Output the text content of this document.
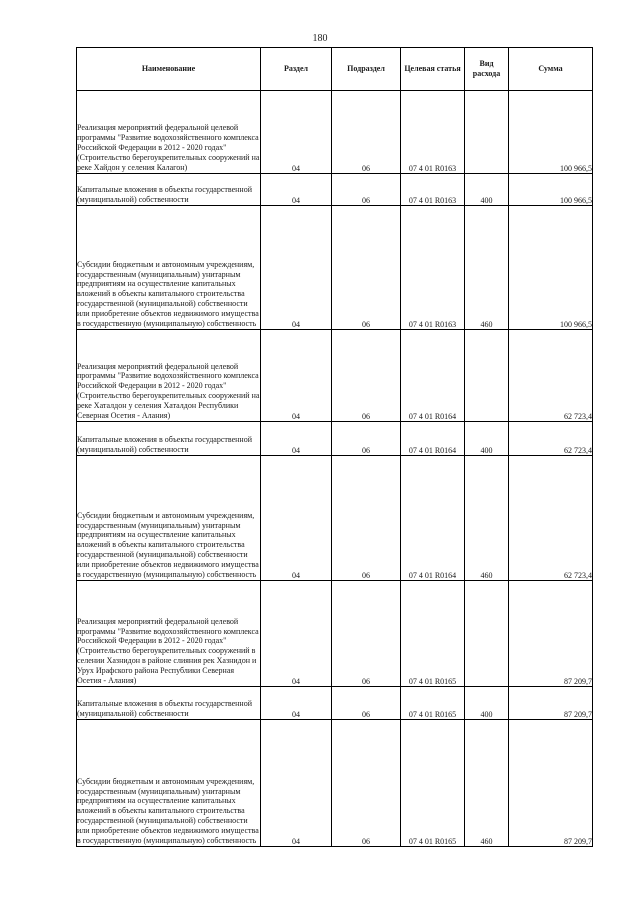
180
Наименование	Раздел	Подраздел	Целевая статья	Вид расхода	Сумма
Реализация мероприятий федеральной целевой программы "Развитие водохозяйственного комплекса Российской Федерации в 2012 - 2020 годах" (Строительство берегоукрепительных сооружений на реке Хайдон у селения Калагон)	04	06	07 4 01 R0163		100 966,5
Капитальные вложения в объекты государственной (муниципальной) собственности	04	06	07 4 01 R0163	400	100 966,5
Субсидии бюджетным и автономным учреждениям, государственным (муниципальным) унитарным предприятиям на осуществление капитальных вложений в объекты капитального строительства государственной (муниципальной) собственности или приобретение объектов недвижимого имущества в государственную (муниципальную) собственность	04	06	07 4 01 R0163	460	100 966,5
Реализация мероприятий федеральной целевой программы "Развитие водохозяйственного комплекса Российской Федерации в 2012 - 2020 годах" (Строительство берегоукрепительных сооружений на реке Хаталдон у селения Хаталдон Республики Северная Осетия - Алания)	04	06	07 4 01 R0164		62 723,4
Капитальные вложения в объекты государственной (муниципальной) собственности	04	06	07 4 01 R0164	400	62 723,4
Субсидии бюджетным и автономным учреждениям, государственным (муниципальным) унитарным предприятиям на осуществление капитальных вложений в объекты капитального строительства государственной (муниципальной) собственности или приобретение объектов недвижимого имущества в государственную (муниципальную) собственность	04	06	07 4 01 R0164	460	62 723,4
Реализация мероприятий федеральной целевой программы "Развитие водохозяйственного комплекса Российской Федерации в 2012 - 2020 годах" (Строительство берегоукрепительных сооружений в селении Хазнидон в районе слияния рек Хазнидон и Урух Ирафского района Республики Северная Осетия - Алания)	04	06	07 4 01 R0165		87 209,7
Капитальные вложения в объекты государственной (муниципальной) собственности	04	06	07 4 01 R0165	400	87 209,7
Субсидии бюджетным и автономным учреждениям, государственным (муниципальным) унитарным предприятиям на осуществление капитальных вложений в объекты капитального строительства государственной (муниципальной) собственности или приобретение объектов недвижимого имущества в государственную (муниципальную) собственность	04	06	07 4 01 R0165	460	87 209,7
